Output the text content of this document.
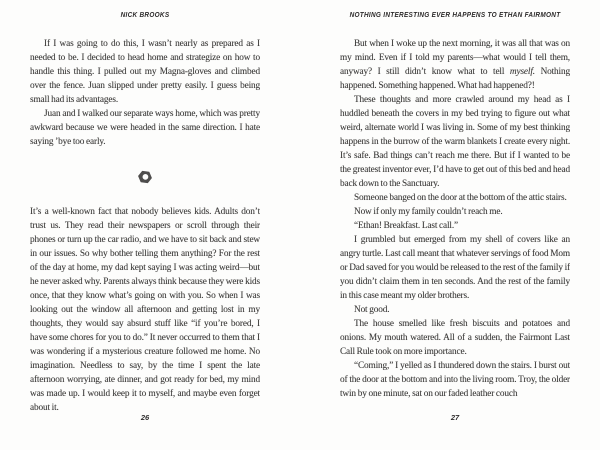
NICK BROOKS

If I was going to do this, I wasn’t nearly as prepared as I needed to be. I decided to head home and strategize on how to handle this thing. I pulled out my Magna-gloves and climbed over the fence. Juan slipped under pretty easily. I guess being small had its advantages.

Juan and I walked our separate ways home, which was pretty awkward because we were headed in the same direction. I hate saying ’bye too early.

It’s a well-known fact that nobody believes kids. Adults don’t trust us. They read their newspapers or scroll through their phones or turn up the car radio, and we have to sit back and stew in our issues. So why bother telling them anything? For the rest of the day at home, my dad kept saying I was acting weird—but he never asked why. Parents always think because they were kids once, that they know what’s going on with you. So when I was looking out the window all afternoon and getting lost in my thoughts, they would say absurd stuff like “if you’re bored, I have some chores for you to do.” It never occurred to them that I was wondering if a mysterious creature followed me home. No imagination. Needless to say, by the time I spent the late afternoon worrying, ate dinner, and got ready for bed, my mind was made up. I would keep it to myself, and maybe even forget about it.

26
NOTHING INTERESTING EVER HAPPENS TO ETHAN FAIRMONT

But when I woke up the next morning, it was all that was on my mind. Even if I told my parents—what would I tell them, anyway? I still didn’t know what to tell myself. Nothing happened. Something happened. What had happened?!

These thoughts and more crawled around my head as I huddled beneath the covers in my bed trying to figure out what weird, alternate world I was living in. Some of my best thinking happens in the burrow of the warm blankets I create every night. It’s safe. Bad things can’t reach me there. But if I wanted to be the greatest inventor ever, I’d have to get out of this bed and head back down to the Sanctuary.

Someone banged on the door at the bottom of the attic stairs.

Now if only my family couldn’t reach me.

“Ethan! Breakfast. Last call.”

I grumbled but emerged from my shell of covers like an angry turtle. Last call meant that whatever servings of food Mom or Dad saved for you would be released to the rest of the family if you didn’t claim them in ten seconds. And the rest of the family in this case meant my older brothers.

Not good.

The house smelled like fresh biscuits and potatoes and onions. My mouth watered. All of a sudden, the Fairmont Last Call Rule took on more importance.

“Coming,” I yelled as I thundered down the stairs. I burst out of the door at the bottom and into the living room. Troy, the older twin by one minute, sat on our faded leather couch

27
